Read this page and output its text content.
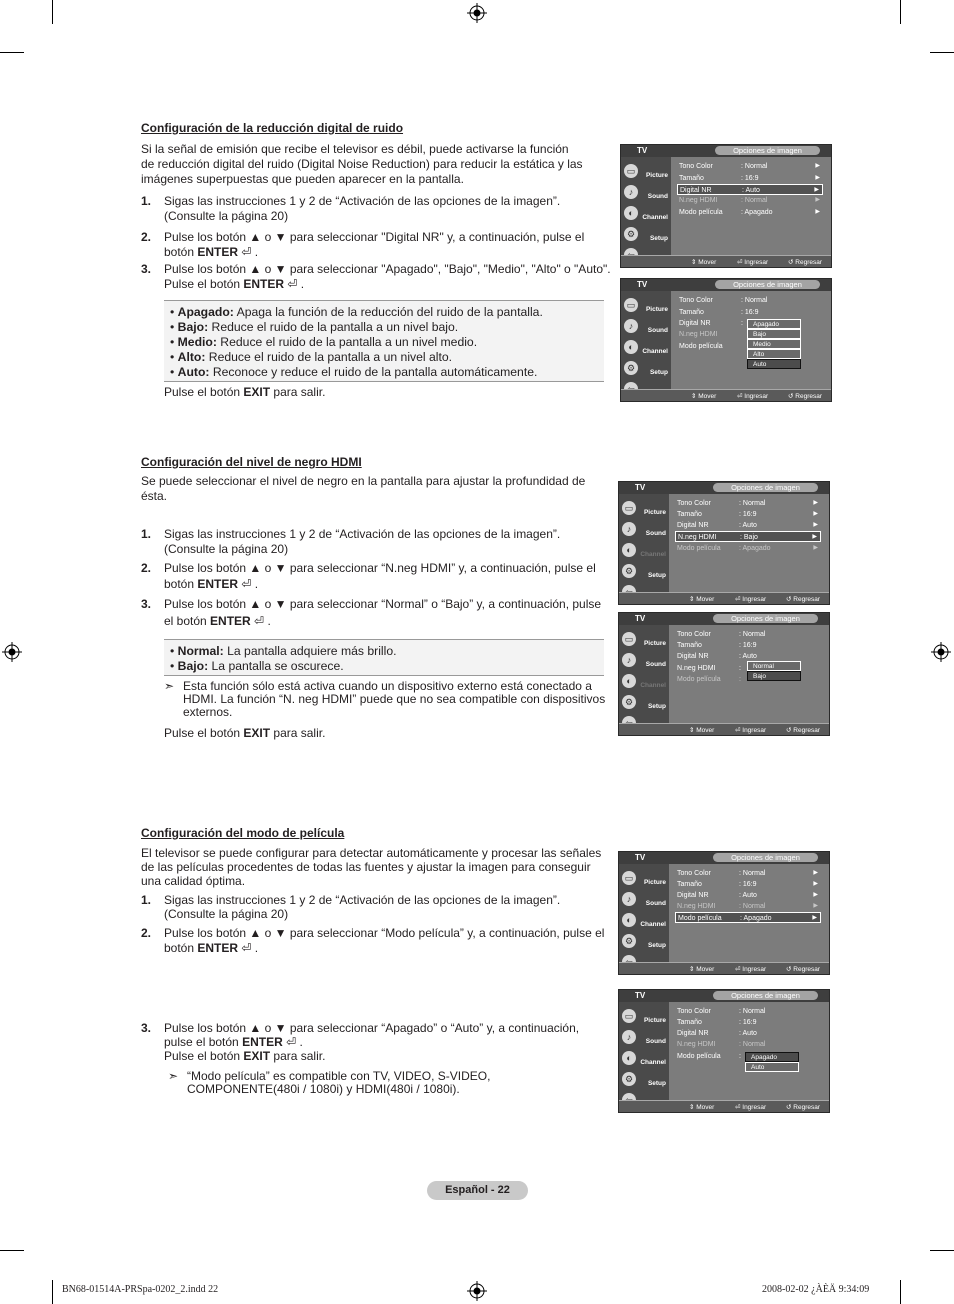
Configuración de la reducción digital de ruido
Si la señal de emisión que recibe el televisor es débil, puede activarse la función
de reducción digital del ruido (Digital Noise Reduction) para reducir la estática y las
imágenes superpuestas que pueden aparecer en la pantalla.
1. Sigas las instrucciones 1 y 2 de “Activación de las opciones de la imagen”.
(Consulte la página 20)
2. Pulse los botón ▲ o ▼ para seleccionar "Digital NR" y, a continuación, pulse el
botón ENTER ⏎ .
3. Pulse los botón ▲ o ▼ para seleccionar "Apagado", "Bajo", "Medio", "Alto" o "Auto".
Pulse el botón ENTER ⏎ .
• Apagado: Apaga la función de la reducción del ruido de la pantalla.
• Bajo: Reduce el ruido de la pantalla a un nivel bajo.
• Medio: Reduce el ruido de la pantalla a un nivel medio.
• Alto: Reduce el ruido de la pantalla a un nivel alto.
• Auto: Reconoce y reduce el ruido de la pantalla automáticamente.
Pulse el botón EXIT para salir.
Configuración del nivel de negro HDMI
Se puede seleccionar el nivel de negro en la pantalla para ajustar la profundidad de
ésta.
1. Sigas las instrucciones 1 y 2 de “Activación de las opciones de la imagen”.
(Consulte la página 20)
2. Pulse los botón ▲ o ▼ para seleccionar “N.neg HDMI” y, a continuación, pulse el
botón ENTER ⏎ .
3. Pulse los botón ▲ o ▼ para seleccionar “Normal” o “Bajo” y, a continuación, pulse
el botón ENTER ⏎ .
• Normal: La pantalla adquiere más brillo.
• Bajo: La pantalla se oscurece.
➣ Esta función sólo está activa cuando un dispositivo externo está conectado a
HDMI. La función “N. neg HDMI” puede que no sea compatible con dispositivos
externos.
Pulse el botón EXIT para salir.
Configuración del modo de película
El televisor se puede configurar para detectar automáticamente y procesar las señales
de las películas procedentes de todas las fuentes y ajustar la imagen para conseguir
una calidad óptima.
1. Sigas las instrucciones 1 y 2 de “Activación de las opciones de la imagen”.
(Consulte la página 20)
2. Pulse los botón ▲ o ▼ para seleccionar “Modo película” y, a continuación, pulse el
botón ENTER ⏎ .
3. Pulse los botón ▲ o ▼ para seleccionar “Apagado” o “Auto” y, a continuación,
pulse el botón ENTER ⏎ .
Pulse el botón EXIT para salir.
➣ “Modo película” es compatible con TV, VIDEO, S-VIDEO,
COMPONENTE(480i / 1080i) y HDMI(480i / 1080i).
TV	Opciones de imagen
▭	Picture
♪	Sound
◐	Channel
⚙	Setup
Tono Color	: Normal	▶
Tamaño	: 16:9	▶
Digital NR	: Auto	▶
N.neg HDMI	: Normal	▶
Modo película	: Apagado	▶
⇕ Mover	⏎ Ingresar	↺ Regresar
TV	Opciones de imagen
▭	Picture
♪	Sound
◐	Channel
⚙	Setup
Tono Color	: Normal
Tamaño	: 16:9
Digital NR	:
N.neg HDMI
Modo película
Apagado
Bajo
Medio
Alto
Auto
⇕ Mover	⏎ Ingresar	↺ Regresar
TV	Opciones de imagen
▭	Picture
♪	Sound
◐	Channel
⚙	Setup
Tono Color	: Normal	▶
Tamaño	: 16:9	▶
Digital NR	: Auto	▶
N.neg HDMI	: Bajo	▶
Modo película	: Apagado	▶
⇕ Mover	⏎ Ingresar	↺ Regresar
TV	Opciones de imagen
▭	Picture
♪	Sound
◐	Channel
⚙	Setup
Tono Color	: Normal
Tamaño	: 16:9
Digital NR	: Auto
N.neg HDMI	:
Modo película	:
Normal
Bajo
⇕ Mover	⏎ Ingresar	↺ Regresar
TV	Opciones de imagen
▭	Picture
♪	Sound
◐	Channel
⚙	Setup
Tono Color	: Normal	▶
Tamaño	: 16:9	▶
Digital NR	: Auto	▶
N.neg HDMI	: Normal	▶
Modo película	: Apagado	▶
⇕ Mover	⏎ Ingresar	↺ Regresar
TV	Opciones de imagen
▭	Picture
♪	Sound
◐	Channel
⚙	Setup
Tono Color	: Normal
Tamaño	: 16:9
Digital NR	: Auto
N.neg HDMI	: Normal
Modo película	:	Apagado
Auto
⇕ Mover	⏎ Ingresar	↺ Regresar
Español - 22
BN68-01514A-PRSpa-0202_2.indd 22	2008-02-02 ¿ÀÈÄ 9:34:09
